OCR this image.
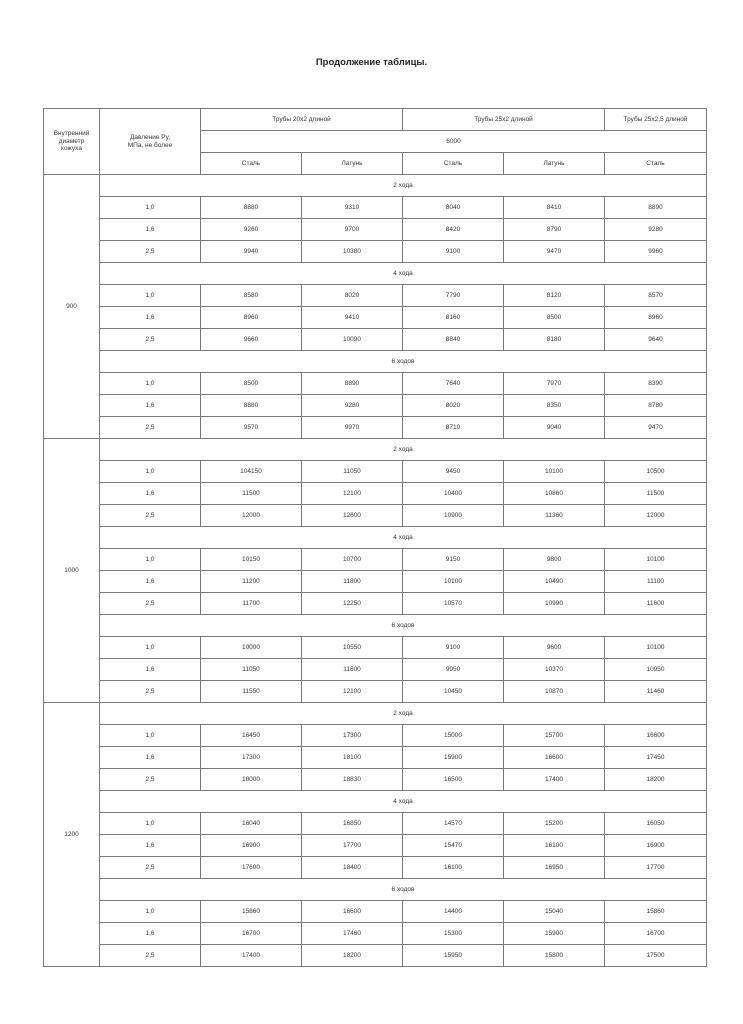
Продолжение таблицы.
Внутренний
диаметр
кожуха	Давление Ру,
МПа, не более	Трубы 20х2 длиной		Трубы 25х2 длиной		Трубы 25х2,5 длиной
		6000				
		Сталь	Латунь	Сталь	Латунь	Сталь
900	2 хода					
	1,0	8880	9310	8040	8410	8890
	1,6	9260	9700	8420	8790	9280
	2,5	9940	10380	9100	9470	9960
	4 хода					
	1,0	8580	8020	7790	8120	8570
	1,6	8960	9410	8160	8500	8960
	2,5	9660	10090	8840	8180	9640
	6 ходов					
	1,0	8500	8890	7640	7970	8390
	1,6	8880	9280	8020	8350	8780
	2,5	9570	9970	8710	9040	9470
1000	2 хода					
	1,0	104150	11050	9450	10100	10500
	1,6	11500	12100	10400	10860	11500
	2,5	12000	12600	10900	11360	12000
	4 хода					
	1,0	10150	10700	9150	9800	10100
	1,6	11200	11800	10100	10490	11100
	2,5	11700	12250	10570	10990	11600
	6 ходов					
	1,0	10000	10550	9100	9600	10100
	1,6	11050	11600	9950	10370	10950
	2,5	11550	12100	10450	10870	11460
1200	2 хода					
	1,0	16450	17300	15000	15700	16600
	1,6	17300	18100	15900	16600	17450
	2,5	18000	18830	16500	17400	18200
	4 хода					
	1,0	16040	16850	14570	15200	16050
	1,6	16900	17700	15470	16100	16900
	2,5	17600	18400	16100	16950	17700
	6 ходов					
	1,0	15860	16600	14400	15040	15860
	1,6	16700	17460	15300	15900	16700
	2,5	17400	18200	15950	15800	17500
